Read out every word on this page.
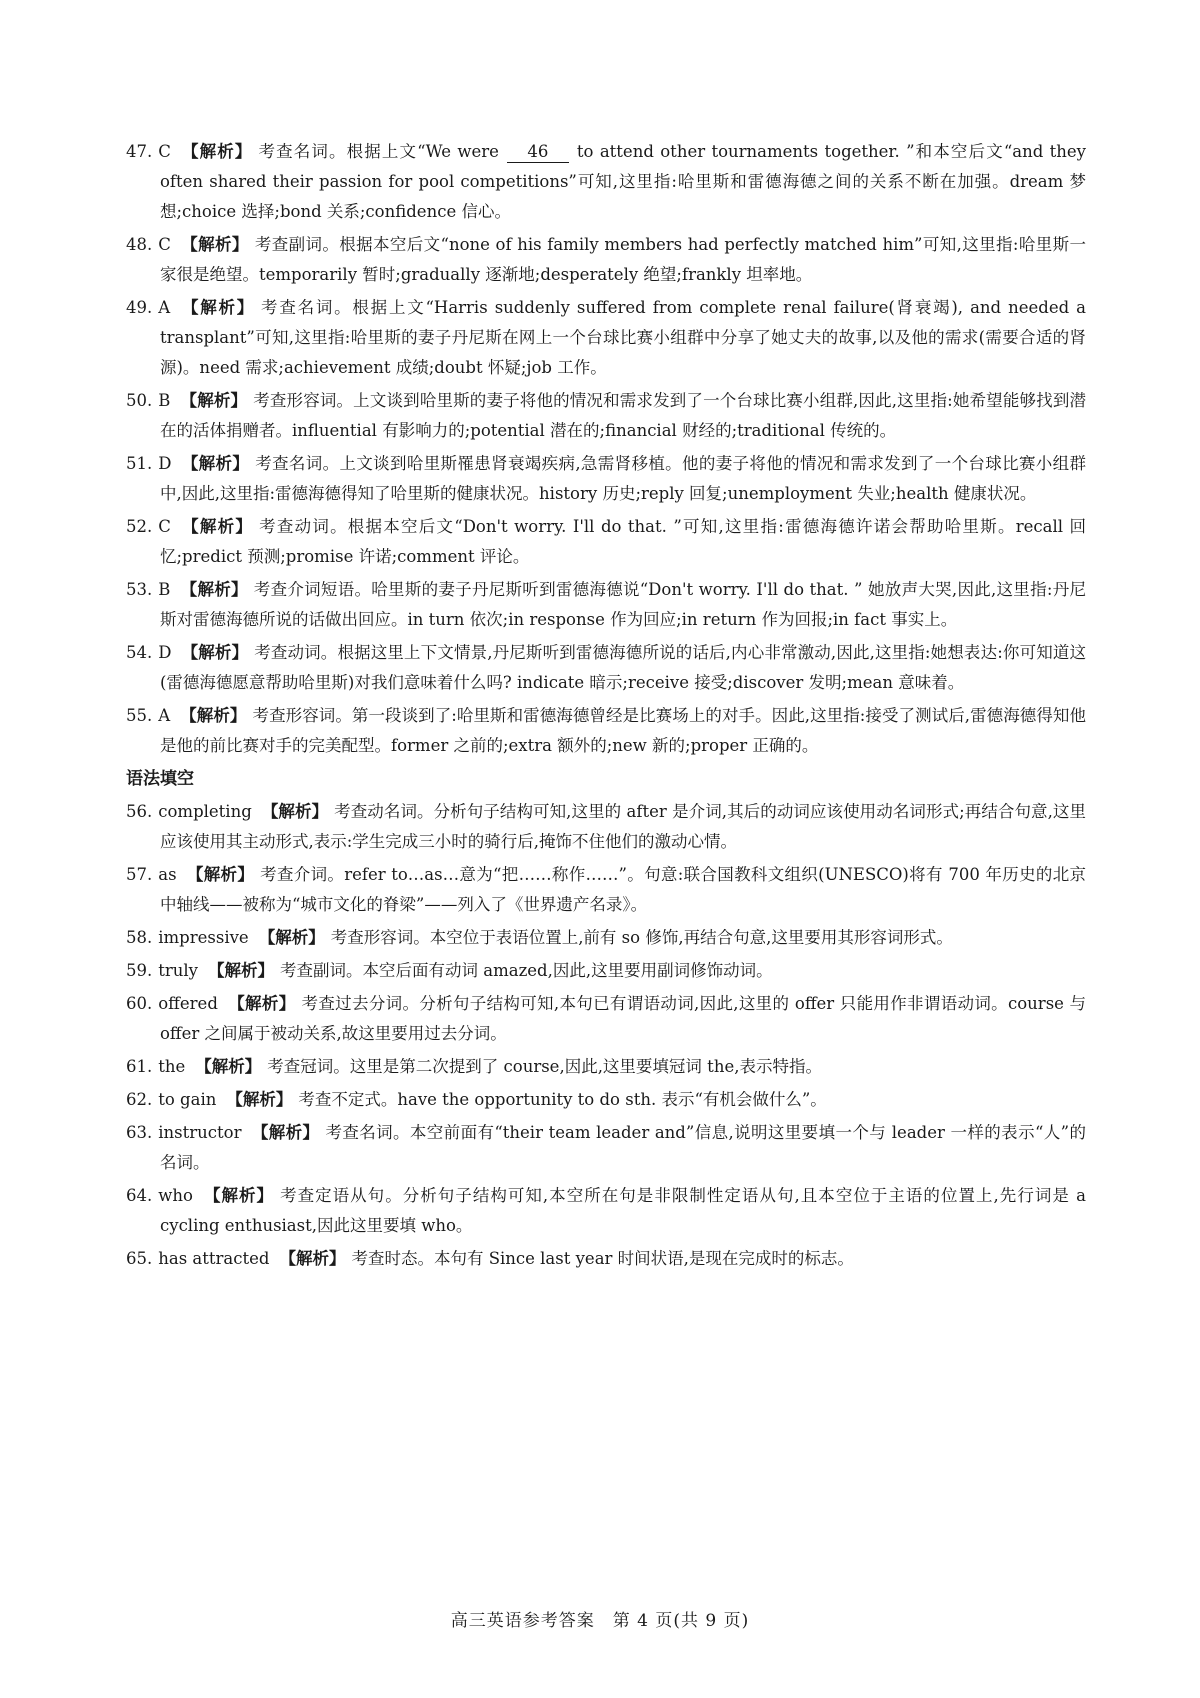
47. C 【解析】 考查名词。根据上文“We were 46 to attend other tournaments together. ”和本空后文“and they often shared their passion for pool competitions”可知,这里指:哈里斯和雷德海德之间的关系不断在加强。dream 梦想;choice 选择;bond 关系;confidence 信心。
48. C 【解析】 考查副词。根据本空后文“none of his family members had perfectly matched him”可知,这里指:哈里斯一家很是绝望。temporarily 暂时;gradually 逐渐地;desperately 绝望;frankly 坦率地。
49. A 【解析】 考查名词。根据上文“Harris suddenly suffered from complete renal failure(肾衰竭), and needed a transplant”可知,这里指:哈里斯的妻子丹尼斯在网上一个台球比赛小组群中分享了她丈夫的故事,以及他的需求(需要合适的肾源)。need 需求;achievement 成绩;doubt 怀疑;job 工作。
50. B 【解析】 考查形容词。上文谈到哈里斯的妻子将他的情况和需求发到了一个台球比赛小组群,因此,这里指:她希望能够找到潜在的活体捐赠者。influential 有影响力的;potential 潜在的;financial 财经的;traditional 传统的。
51. D 【解析】 考查名词。上文谈到哈里斯罹患肾衰竭疾病,急需肾移植。他的妻子将他的情况和需求发到了一个台球比赛小组群中,因此,这里指:雷德海德得知了哈里斯的健康状况。history 历史;reply 回复;unemployment 失业;health 健康状况。
52. C 【解析】 考查动词。根据本空后文“Don't worry. I'll do that. ”可知,这里指:雷德海德许诺会帮助哈里斯。recall 回忆;predict 预测;promise 许诺;comment 评论。
53. B 【解析】 考查介词短语。哈里斯的妻子丹尼斯听到雷德海德说“Don't worry. I'll do that. ” 她放声大哭,因此,这里指:丹尼斯对雷德海德所说的话做出回应。in turn 依次;in response 作为回应;in return 作为回报;in fact 事实上。
54. D 【解析】 考查动词。根据这里上下文情景,丹尼斯听到雷德海德所说的话后,内心非常激动,因此,这里指:她想表达:你可知道这(雷德海德愿意帮助哈里斯)对我们意味着什么吗? indicate 暗示;receive 接受;discover 发明;mean 意味着。
55. A 【解析】 考查形容词。第一段谈到了:哈里斯和雷德海德曾经是比赛场上的对手。因此,这里指:接受了测试后,雷德海德得知他是他的前比赛对手的完美配型。former 之前的;extra 额外的;new 新的;proper 正确的。
语法填空
56. completing 【解析】 考查动名词。分析句子结构可知,这里的 after 是介词,其后的动词应该使用动名词形式;再结合句意,这里应该使用其主动形式,表示:学生完成三小时的骑行后,掩饰不住他们的激动心情。
57. as 【解析】 考查介词。refer to…as…意为“把……称作……”。句意:联合国教科文组织(UNESCO)将有 700 年历史的北京中轴线——被称为“城市文化的脊梁”——列入了《世界遗产名录》。
58. impressive 【解析】 考查形容词。本空位于表语位置上,前有 so 修饰,再结合句意,这里要用其形容词形式。
59. truly 【解析】 考查副词。本空后面有动词 amazed,因此,这里要用副词修饰动词。
60. offered 【解析】 考查过去分词。分析句子结构可知,本句已有谓语动词,因此,这里的 offer 只能用作非谓语动词。course 与 offer 之间属于被动关系,故这里要用过去分词。
61. the 【解析】 考查冠词。这里是第二次提到了 course,因此,这里要填冠词 the,表示特指。
62. to gain 【解析】 考查不定式。have the opportunity to do sth. 表示“有机会做什么”。
63. instructor 【解析】 考查名词。本空前面有“their team leader and”信息,说明这里要填一个与 leader 一样的表示“人”的名词。
64. who 【解析】 考查定语从句。分析句子结构可知,本空所在句是非限制性定语从句,且本空位于主语的位置上,先行词是 a cycling enthusiast,因此这里要填 who。
65. has attracted 【解析】 考查时态。本句有 Since last year 时间状语,是现在完成时的标志。
高三英语参考答案　第 4 页(共 9 页)
